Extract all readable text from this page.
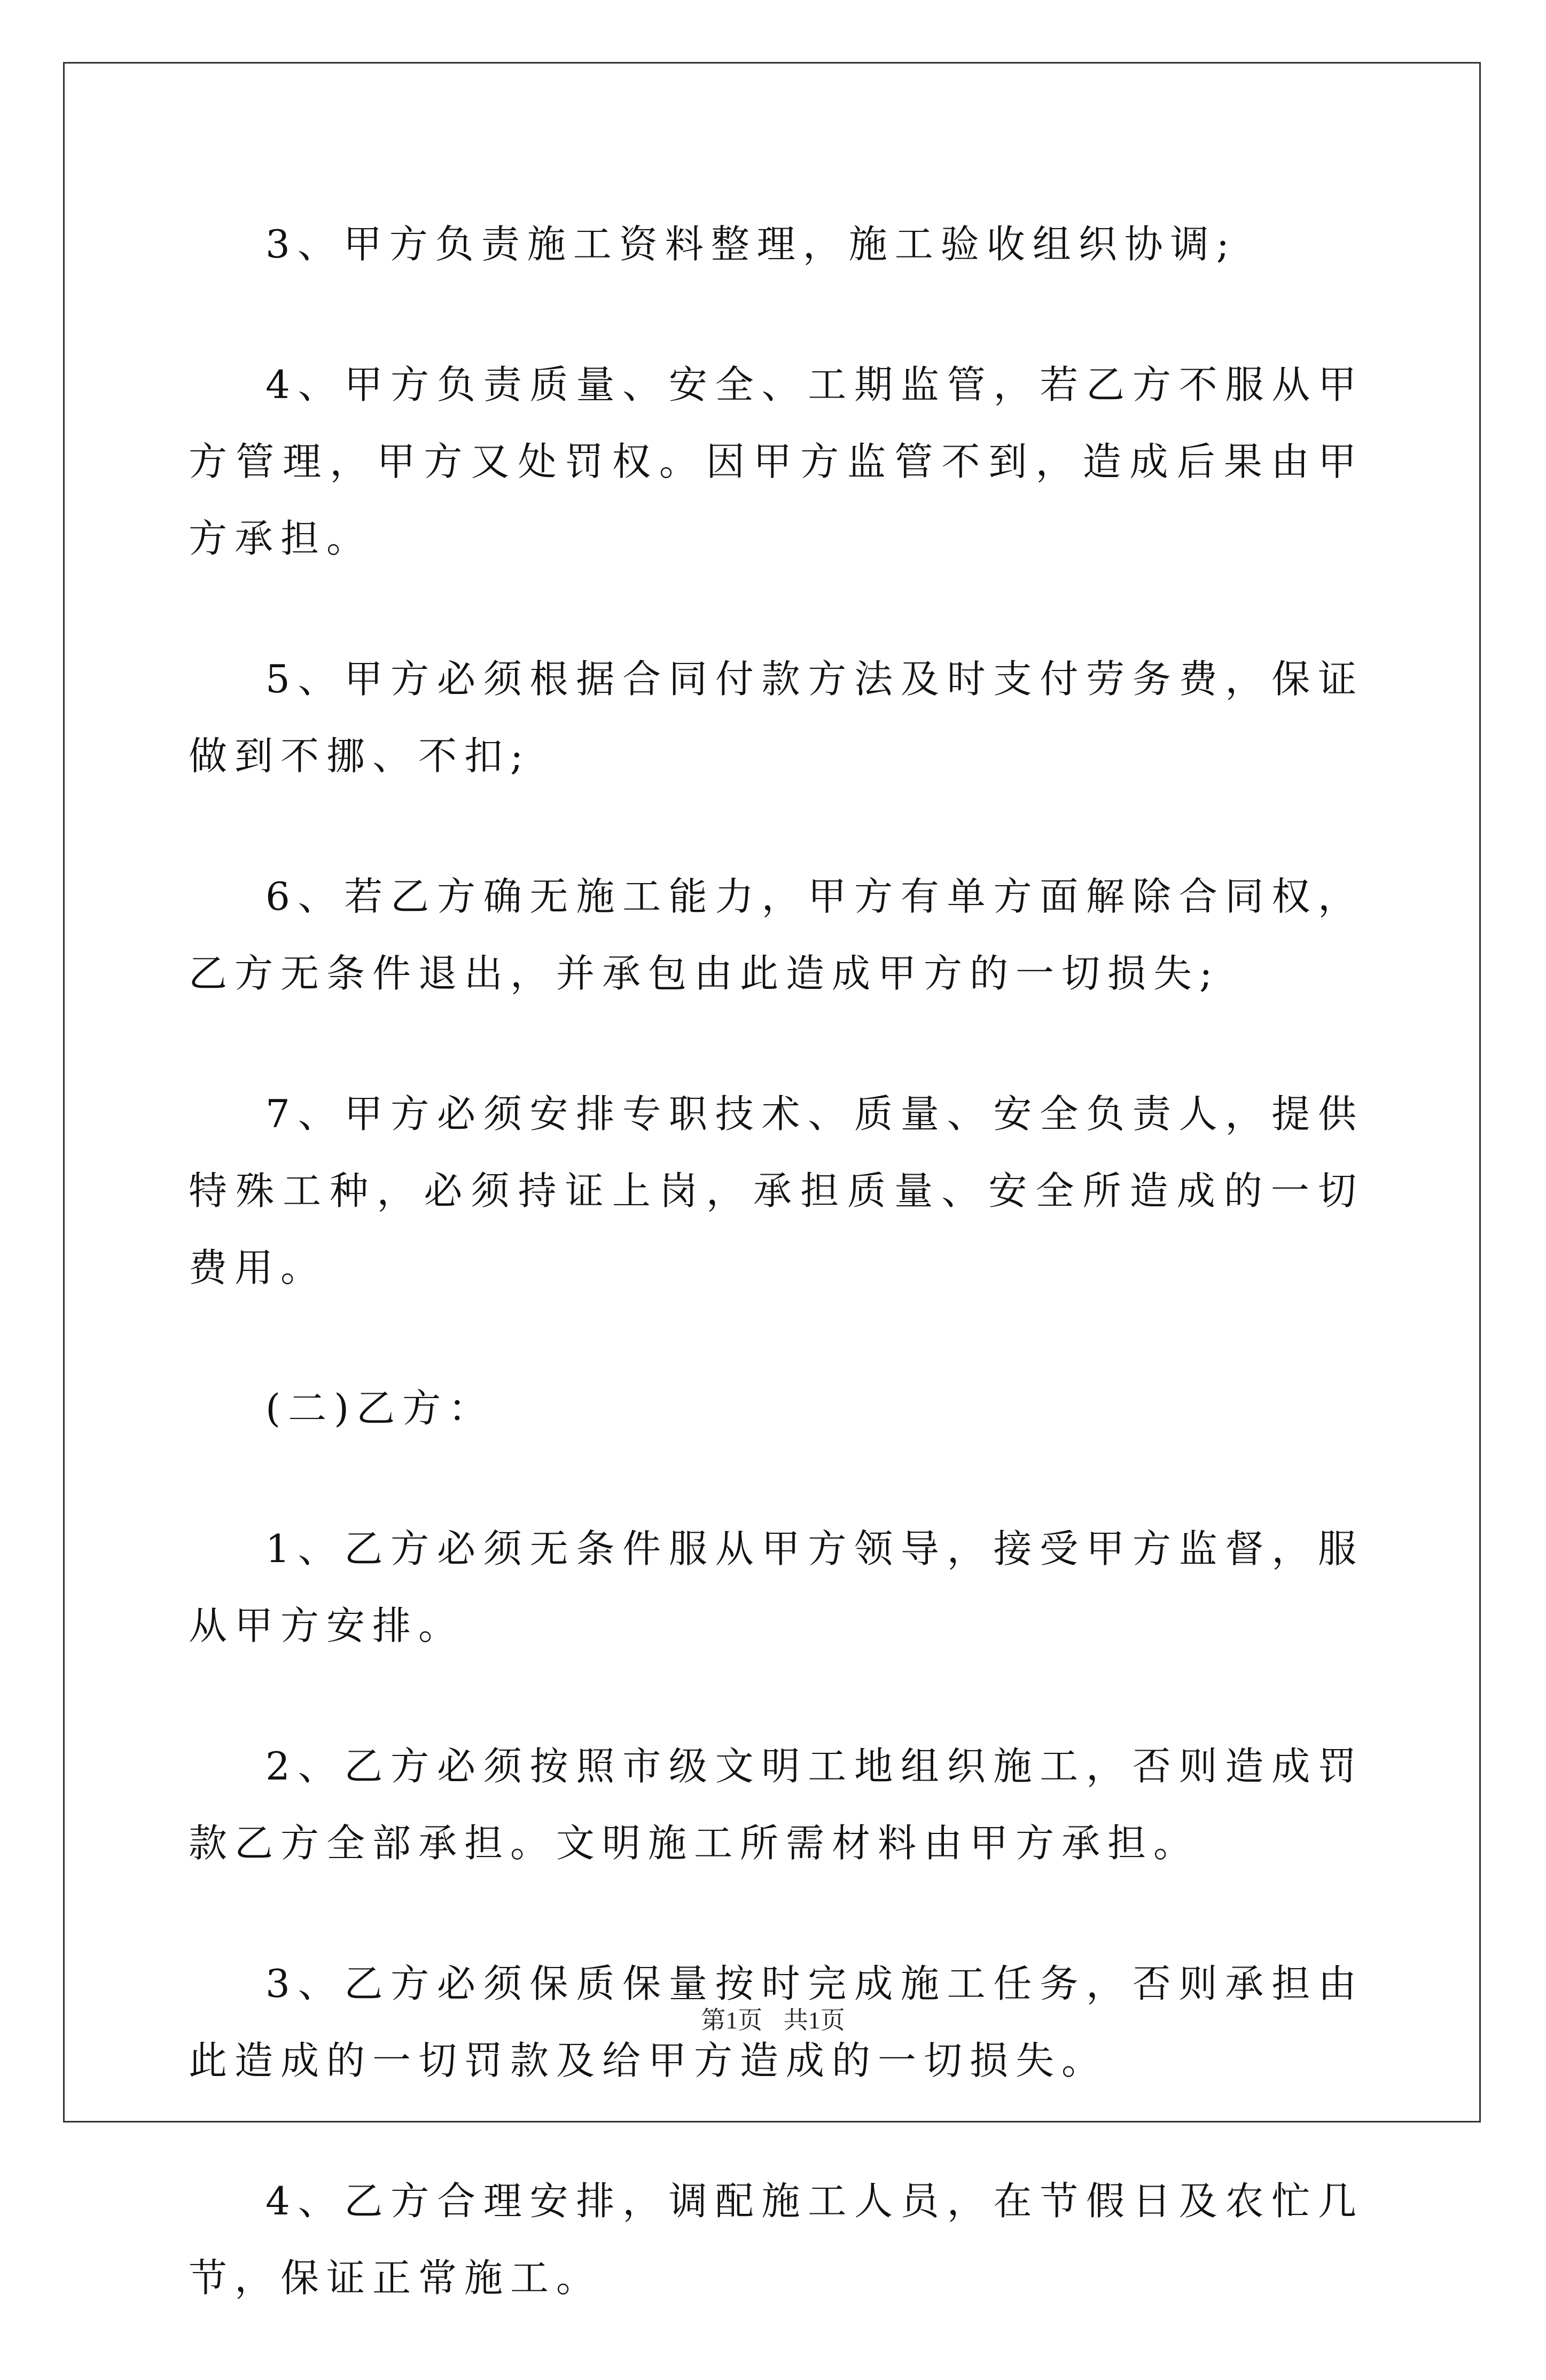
3、甲方负责施工资料整理，施工验收组织协调;

4、甲方负责质量、安全、工期监管，若乙方不服从甲方管理，甲方又处罚权。因甲方监管不到，造成后果由甲方承担。

5、甲方必须根据合同付款方法及时支付劳务费，保证做到不挪、不扣;

6、若乙方确无施工能力，甲方有单方面解除合同权，乙方无条件退出，并承包由此造成甲方的一切损失;

7、甲方必须安排专职技术、质量、安全负责人，提供特殊工种，必须持证上岗，承担质量、安全所造成的一切费用。

(二)乙方：

1、乙方必须无条件服从甲方领导，接受甲方监督，服从甲方安排。

2、乙方必须按照市级文明工地组织施工，否则造成罚款乙方全部承担。文明施工所需材料由甲方承担。

3、乙方必须保质保量按时完成施工任务，否则承担由此造成的一切罚款及给甲方造成的一切损失。

4、乙方合理安排，调配施工人员，在节假日及农忙几节，保证正常施工。

第1页 共1页
